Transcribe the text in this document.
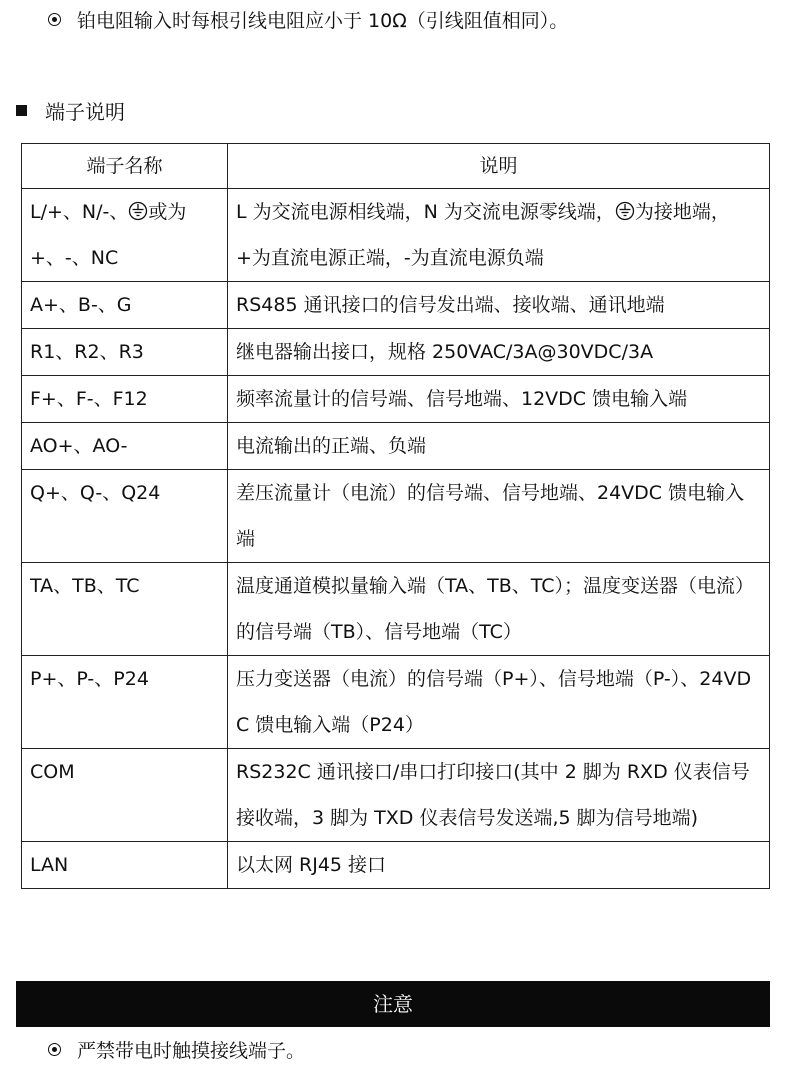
铂电阻输入时每根引线电阻应小于 10Ω（引线阻值相同）。
端子说明
端子名称	说明
L/+、N/-、 或为+、-、NC	L 为交流电源相线端，N 为交流电源零线端， 为接地端，+为直流电源正端，-为直流电源负端
A+、B-、G	RS485 通讯接口的信号发出端、接收端、通讯地端
R1、R2、R3	继电器输出接口，规格 250VAC/3A@30VDC/3A
F+、F-、F12	频率流量计的信号端、信号地端、12VDC 馈电输入端
AO+、AO-	电流输出的正端、负端
Q+、Q-、Q24	差压流量计（电流）的信号端、信号地端、24VDC 馈电输入端
TA、TB、TC	温度通道模拟量输入端（TA、TB、TC）；温度变送器（电流）的信号端（TB）、信号地端（TC）
P+、P-、P24	压力变送器（电流）的信号端（P+）、信号地端（P-）、24VDC 馈电输入端（P24）
COM	RS232C 通讯接口/串口打印接口(其中 2 脚为 RXD 仪表信号接收端，3 脚为 TXD 仪表信号发送端,5 脚为信号地端)
LAN	以太网 RJ45 接口
注意
严禁带电时触摸接线端子。
